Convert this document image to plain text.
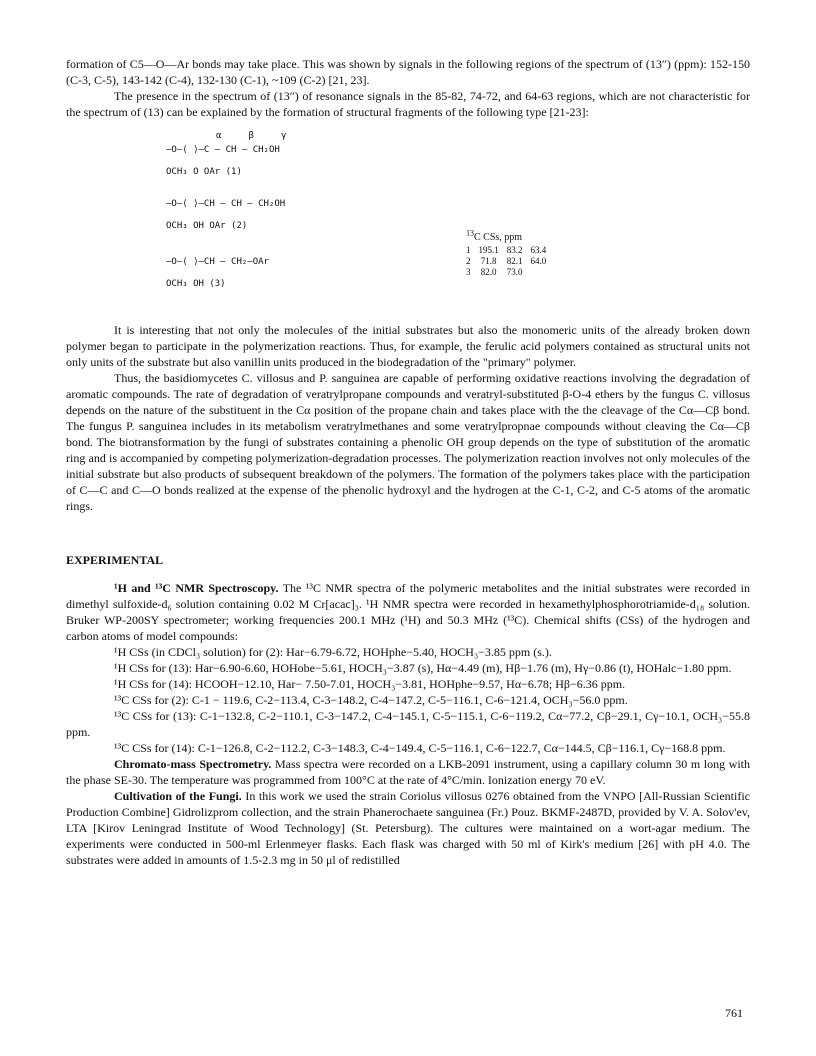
formation of C5—O—Ar bonds may take place. This was shown by signals in the following regions of the spectrum of (13″) (ppm): 152-150 (C-3, C-5), 143-142 (C-4), 132-130 (C-1), ~109 (C-2) [21, 23].

The presence in the spectrum of (13″) of resonance signals in the 85-82, 74-72, and 64-63 regions, which are not characteristic for the spectrum of (13) can be explained by the formation of structural fragments of the following type [21-23]:

α	β	γ
—O—⟨ ⟩—C — CH — CH₂OH
OCH₃ O OAr (1)
—O—⟨ ⟩—CH — CH — CH₂OH
OCH₃ OH OAr (2)
—O—⟨ ⟩—CH — CH₂—OAr
OCH₃ OH (3)
$^{13}$C CSs, ppm
1	195.1	83.2	63.4
2	71.8	82.1	64.0
3	82.0	73.0	

It is interesting that not only the molecules of the initial substrates but also the monomeric units of the already broken down polymer began to participate in the polymerization reactions. Thus, for example, the ferulic acid polymers contained as structural units not only units of the substrate but also vanillin units produced in the biodegradation of the "primary" polymer.

Thus, the basidiomycetes C. villosus and P. sanguinea are capable of performing oxidative reactions involving the degradation of aromatic compounds. The rate of degradation of veratrylpropane compounds and veratryl-substituted β-O-4 ethers by the fungus C. villosus depends on the nature of the substituent in the Cα position of the propane chain and takes place with the the cleavage of the Cα—Cβ bond. The fungus P. sanguinea includes in its metabolism veratrylmethanes and some veratrylpropnae compounds without cleaving the Cα—Cβ bond. The biotransformation by the fungi of substrates containing a phenolic OH group depends on the type of substitution of the aromatic ring and is accompanied by competing polymerization-degradation processes. The polymerization reaction involves not only molecules of the initial substrate but also products of subsequent breakdown of the polymers. The formation of the polymers takes place with the participation of C—C and C—O bonds realized at the expense of the phenolic hydroxyl and the hydrogen at the C-1, C-2, and C-5 atoms of the aromatic rings.

EXPERIMENTAL

¹H and ¹³C NMR Spectroscopy. The ¹³C NMR spectra of the polymeric metabolites and the initial substrates were recorded in dimethyl sulfoxide-d₆ solution containing 0.02 M Cr[acac]₃. ¹H NMR spectra were recorded in hexamethylphosphorotriamide-d₁₈ solution. Bruker WP-200SY spectrometer; working frequencies 200.1 MHz (¹H) and 50.3 MHz (¹³C). Chemical shifts (CSs) of the hydrogen and carbon atoms of model compounds:

¹H CSs (in CDCl₃ solution) for (2): Har−6.79-6.72, HOHphe−5.40, HOCH₃−3.85 ppm (s.).

¹H CSs for (13): Har−6.90-6.60, HOHobe−5.61, HOCH₃−3.87 (s), Hα−4.49 (m), Hβ−1.76 (m), Hγ−0.86 (t), HOHalc−1.80 ppm.

¹H CSs for (14): HCOOH−12.10, Har− 7.50-7.01, HOCH₃−3.81, HOHphe−9.57, Hα−6.78; Hβ−6.36 ppm.

¹³C CSs for (2): C-1 − 119.6, C-2−113.4, C-3−148.2, C-4−147.2, C-5−116.1, C-6−121.4, OCH₃−56.0 ppm.

¹³C CSs for (13): C-1−132.8, C-2−110.1, C-3−147.2, C-4−145.1, C-5−115.1, C-6−119.2, Cα−77.2, Cβ−29.1, Cγ−10.1, OCH₃−55.8 ppm.

¹³C CSs for (14): C-1−126.8, C-2−112.2, C-3−148.3, C-4−149.4, C-5−116.1, C-6−122.7, Cα−144.5, Cβ−116.1, Cγ−168.8 ppm.

Chromato-mass Spectrometry. Mass spectra were recorded on a LKB-2091 instrument, using a capillary column 30 m long with the phase SE-30. The temperature was programmed from 100°C at the rate of 4°C/min. Ionization energy 70 eV.

Cultivation of the Fungi. In this work we used the strain Coriolus villosus 0276 obtained from the VNPO [All-Russian Scientific Production Combine] Gidrolizprom collection, and the strain Phanerochaete sanguinea (Fr.) Pouz. BKMF-2487D, provided by V. A. Solov'ev, LTA [Kirov Leningrad Institute of Wood Technology] (St. Petersburg). The cultures were maintained on a wort-agar medium. The experiments were conducted in 500-ml Erlenmeyer flasks. Each flask was charged with 50 ml of Kirk's medium [26] with pH 4.0. The substrates were added in amounts of 1.5-2.3 mg in 50 μl of redistilled

761
